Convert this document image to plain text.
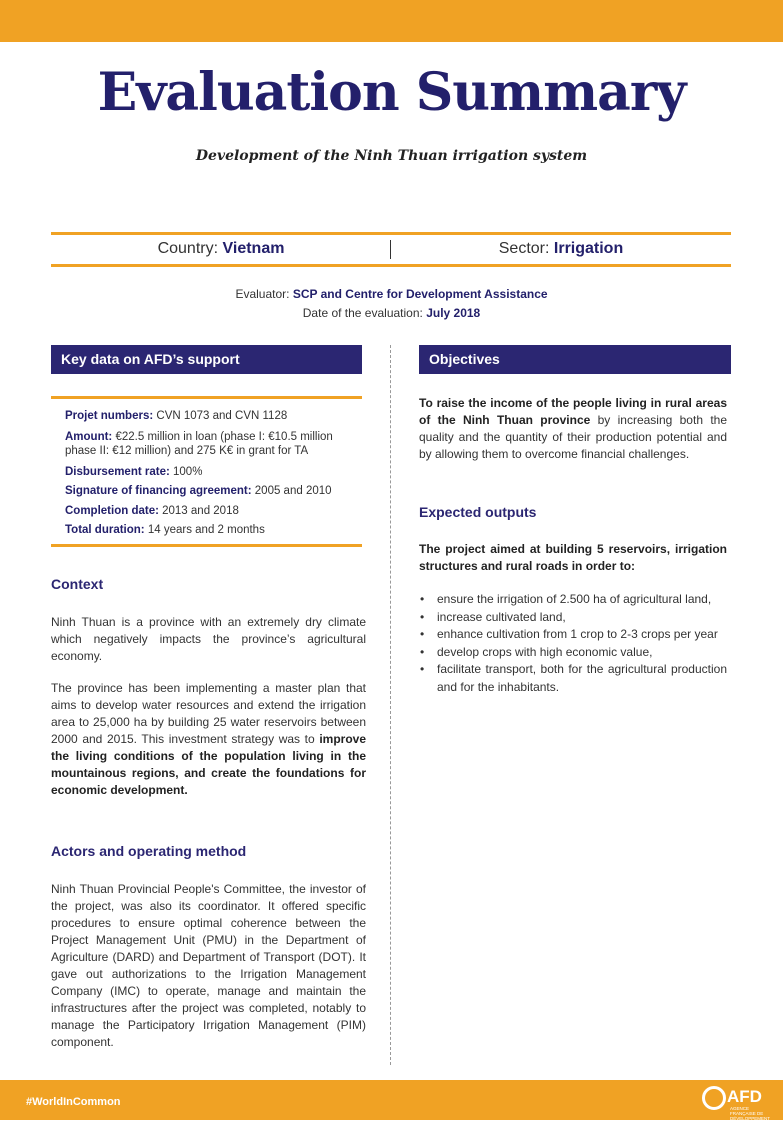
Evaluation Summary
Development of the Ninh Thuan irrigation system
Country: Vietnam	Sector: Irrigation
Evaluator: SCP and Centre for Development Assistance
Date of the evaluation: July 2018
Key data on AFD’s support
Projet numbers: CVN 1073 and CVN 1128
Amount: €22.5 million in loan (phase I: €10.5 million phase II: €12 million) and 275 K€ in grant for TA
Disbursement rate: 100%
Signature of financing agreement: 2005 and 2010
Completion date: 2013 and 2018
Total duration: 14 years and 2 months
Context

Ninh Thuan is a province with an extremely dry climate which negatively impacts the province’s agricultural economy.

The province has been implementing a master plan that aims to develop water resources and extend the irrigation area to 25,000 ha by building 25 water reservoirs between 2000 and 2015. This investment strategy was to improve the living conditions of the population living in the mountainous regions, and create the foundations for economic development.

Actors and operating method

Ninh Thuan Provincial People's Committee, the investor of the project, was also its coordinator. It offered specific procedures to ensure optimal coherence between the Project Management Unit (PMU) in the Department of Agriculture (DARD) and Department of Transport (DOT). It gave out authorizations to the Irrigation Management Company (IMC) to operate, manage and maintain the infrastructures after the project was completed, notably to manage the Participatory Irrigation Management (PIM) component.

Objectives

To raise the income of the people living in rural areas of the Ninh Thuan province by increasing both the quality and the quantity of their production potential and by allowing them to overcome financial challenges.

Expected outputs

The project aimed at building 5 reservoirs, irrigation structures and rural roads in order to:

• ensure the irrigation of 2.500 ha of agricultural land,
• increase cultivated land,
• enhance cultivation from 1 crop to 2-3 crops per year
• develop crops with high economic value,
• facilitate transport, both for the agricultural production and for the inhabitants.
#WorldInCommon	AFD
AGENCE FRANÇAISE DE DÉVELOPPEMENT
